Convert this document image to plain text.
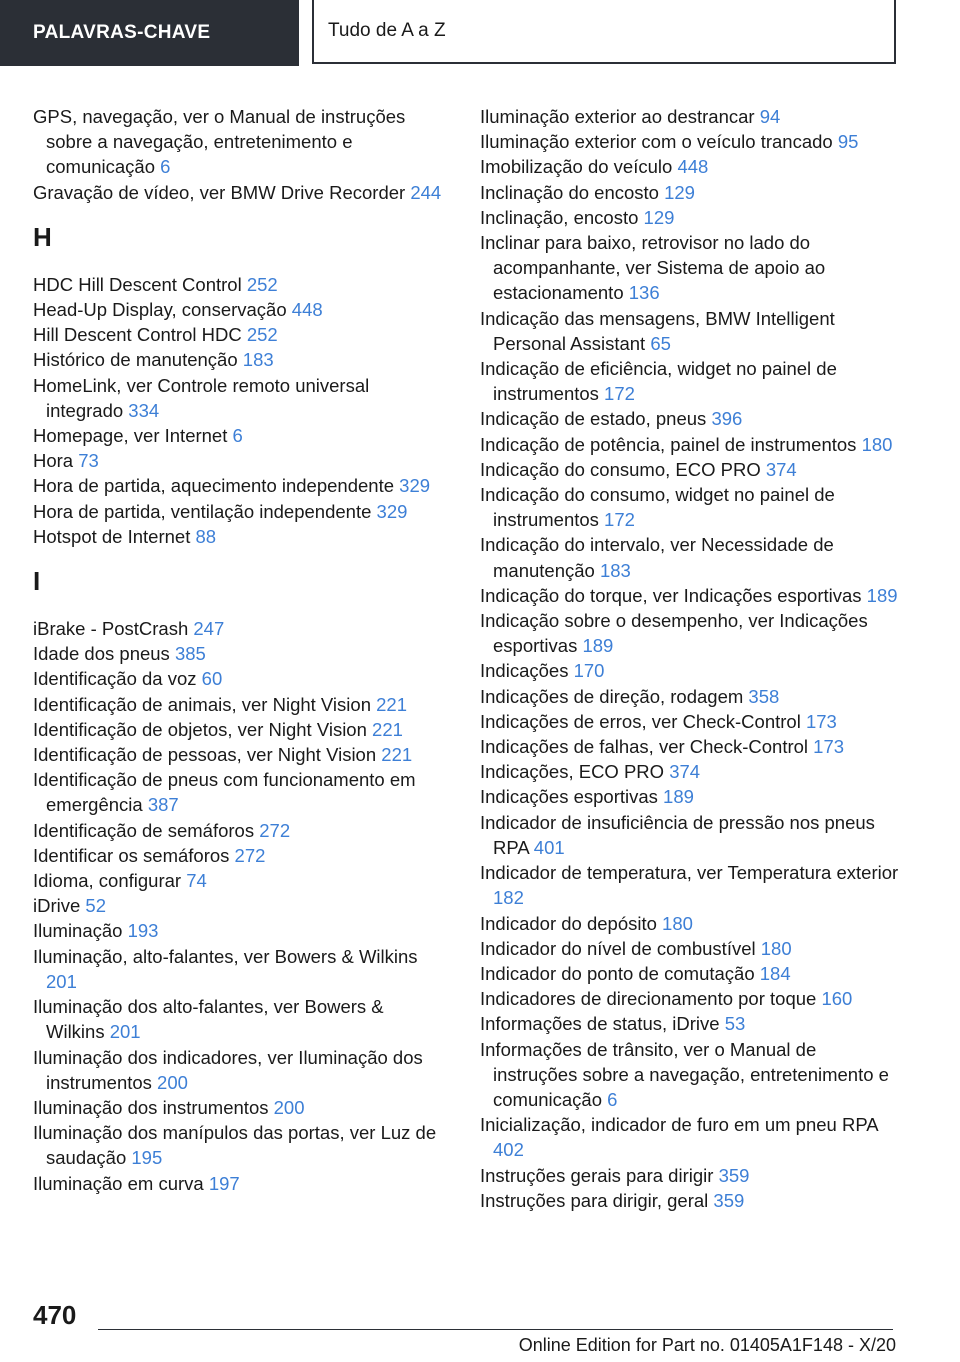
PALAVRAS-CHAVE	Tudo de A a Z
GPS, navegação, ver o Manual de instruções sobre a navegação, entretenimento e comunicação 6
Gravação de vídeo, ver BMW Drive Recorder 244
H
HDC Hill Descent Control 252
Head-Up Display, conservação 448
Hill Descent Control HDC 252
Histórico de manutenção 183
HomeLink, ver Controle remoto universal integrado 334
Homepage, ver Internet 6
Hora 73
Hora de partida, aquecimento independente 329
Hora de partida, ventilação independente 329
Hotspot de Internet 88
I
iBrake - PostCrash 247
Idade dos pneus 385
Identificação da voz 60
Identificação de animais, ver Night Vision 221
Identificação de objetos, ver Night Vision 221
Identificação de pessoas, ver Night Vision 221
Identificação de pneus com funcionamento em emergência 387
Identificação de semáforos 272
Identificar os semáforos 272
Idioma, configurar 74
iDrive 52
Iluminação 193
Iluminação, alto-falantes, ver Bowers & Wilkins 201
Iluminação dos alto-falantes, ver Bowers & Wilkins 201
Iluminação dos indicadores, ver Iluminação dos instrumentos 200
Iluminação dos instrumentos 200
Iluminação dos manípulos das portas, ver Luz de saudação 195
Iluminação em curva 197
Iluminação exterior ao destrancar 94
Iluminação exterior com o veículo trancado 95
Imobilização do veículo 448
Inclinação do encosto 129
Inclinação, encosto 129
Inclinar para baixo, retrovisor no lado do acompanhante, ver Sistema de apoio ao estacionamento 136
Indicação das mensagens, BMW Intelligent Personal Assistant 65
Indicação de eficiência, widget no painel de instrumentos 172
Indicação de estado, pneus 396
Indicação de potência, painel de instrumentos 180
Indicação do consumo, ECO PRO 374
Indicação do consumo, widget no painel de instrumentos 172
Indicação do intervalo, ver Necessidade de manutenção 183
Indicação do torque, ver Indicações esportivas 189
Indicação sobre o desempenho, ver Indicações esportivas 189
Indicações 170
Indicações de direção, rodagem 358
Indicações de erros, ver Check-Control 173
Indicações de falhas, ver Check-Control 173
Indicações, ECO PRO 374
Indicações esportivas 189
Indicador de insuficiência de pressão nos pneus RPA 401
Indicador de temperatura, ver Temperatura exterior 182
Indicador do depósito 180
Indicador do nível de combustível 180
Indicador do ponto de comutação 184
Indicadores de direcionamento por toque 160
Informações de status, iDrive 53
Informações de trânsito, ver o Manual de instruções sobre a navegação, entretenimento e comunicação 6
Inicialização, indicador de furo em um pneu RPA 402
Instruções gerais para dirigir 359
Instruções para dirigir, geral 359
470
Online Edition for Part no. 01405A1F148 - X/20
